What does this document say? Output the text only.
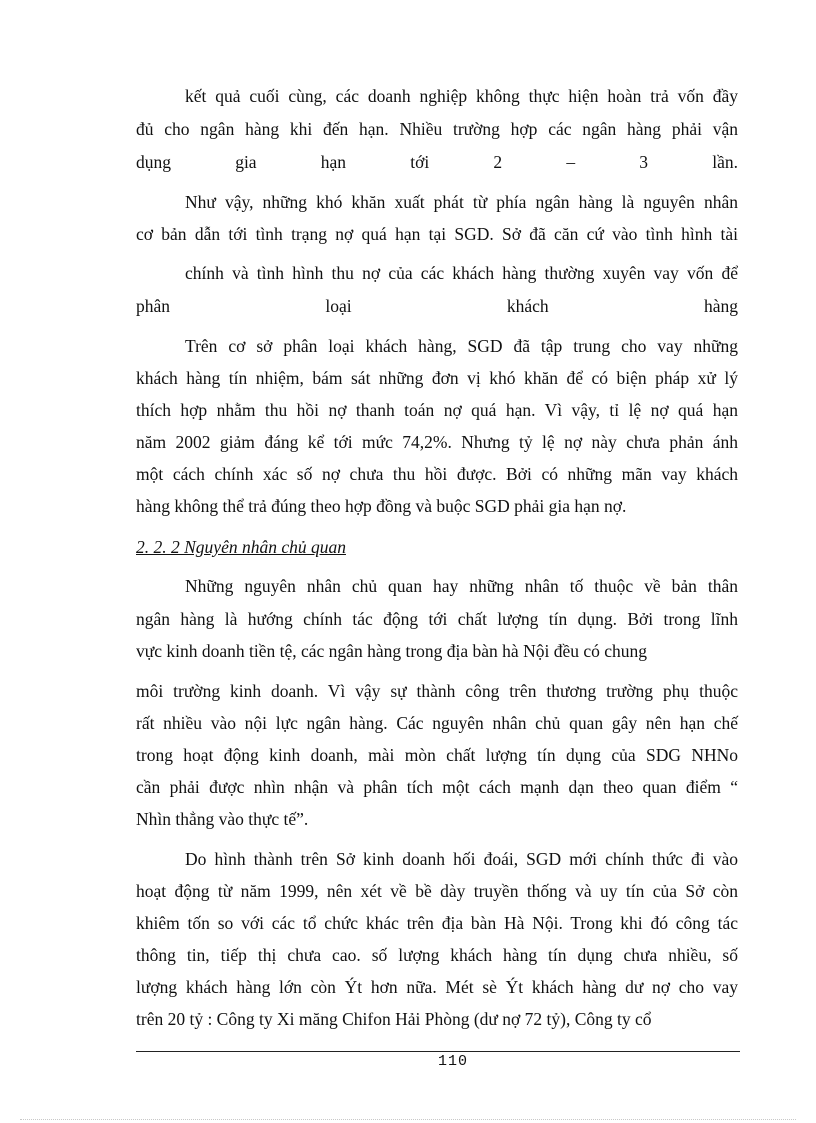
kết quả cuối cùng, các doanh nghiệp không thực hiện hoàn trả vốn đầy
đủ cho ngân hàng khi đến hạn. Nhiều trường hợp các ngân hàng phải vận
dụng gia hạn tới 2 – 3 lần.
Như vậy, những khó khăn xuất phát từ phía ngân hàng là nguyên nhân
cơ bản dẫn tới tình trạng nợ quá hạn tại SGD. Sở đã căn cứ vào tình hình tài
chính và tình hình thu nợ của các khách hàng thường xuyên vay vốn để
phân loại khách hàng
Trên cơ sở phân loại khách hàng, SGD đã tập trung cho vay những
khách hàng tín nhiệm, bám sát những đơn vị khó khăn để có biện pháp xử lý
thích hợp nhằm thu hồi nợ thanh toán nợ quá hạn. Vì vậy, tỉ lệ nợ quá hạn
năm 2002 giảm đáng kể tới mức 74,2%. Nhưng tỷ lệ nợ này chưa phản ánh
một cách chính xác số nợ chưa thu hồi được. Bởi có những mãn vay khách
hàng không thể trả đúng theo hợp đồng và buộc SGD phải gia hạn nợ.
2. 2. 2 Nguyên nhân chủ quan
Những nguyên nhân chủ quan hay những nhân tố thuộc về bản thân
ngân hàng là hướng chính tác động tới chất lượng tín dụng. Bởi trong lĩnh
vực kinh doanh tiền tệ, các ngân hàng trong địa bàn hà Nội đều có chung
môi trường kinh doanh. Vì vậy sự thành công trên thương trường phụ thuộc
rất nhiều vào nội lực ngân hàng. Các nguyên nhân chủ quan gây nên hạn chế
trong hoạt động kinh doanh, mài mòn chất lượng tín dụng của SDG NHNo
cần phải được nhìn nhận và phân tích một cách mạnh dạn theo quan điểm “
Nhìn thẳng vào thực tế”.
Do hình thành trên Sở kinh doanh hối đoái, SGD mới chính thức đi vào
hoạt động từ năm 1999, nên xét về bề dày truyền thống và uy tín của Sở còn
khiêm tốn so với các tổ chức khác trên địa bàn Hà Nội. Trong khi đó công tác
thông tin, tiếp thị chưa cao. số lượng khách hàng tín dụng chưa nhiều, số
lượng khách hàng lớn còn Ýt hơn nữa. Mét sè Ýt khách hàng dư nợ cho vay
trên 20 tỷ : Công ty Xi măng Chifon Hải Phòng (dư nợ 72 tỷ), Công ty cổ
110
